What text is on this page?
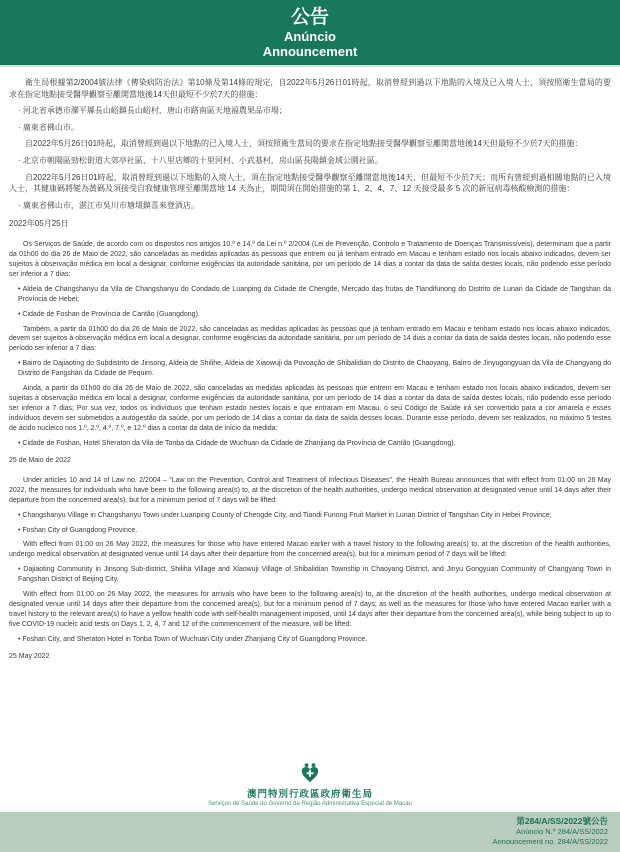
公告
Anúncio
Announcement

衛生局根據第2/2004號法律《傳染病防治法》第10條及第14條的規定，自2022年5月26日01時起，取消曾經到過以下地點的入境及已入境人士，須按照衛生當局的要求在指定地點接受醫學觀察至離開當地後14天但最短不少於7天的措施：

· 河北省承德市灤平縣長山峪鎮長山峪村，唐山市路南區天地福農果品市場；

· 廣東省佛山市。

自2022年5月26日01時起，取消曾經到過以下地點的已入境人士，須按照衛生當局的要求在指定地點接受醫學觀察至離開當地後14天但最短不少於7天的措施：

· 北京市朝陽區勁松街道大郊亭社區、十八里店鄉的十里河村、小武基村，房山區長陽鎮金域公園社區。

自2022年5月26日01時起，取消曾經到過以下地點的入境人士，須在指定地點接受醫學觀察至離開當地後14天，但最短不少於7天；而所有曾經到過相關地點的已入境人士，其健康碼將變為黃碼及須接受自我健康管理至離開當地 14 天為止，期間須在開始措施的第 1、2、4、7、12 天接受最多 5 次的新冠病毒核酸檢測的措施：

· 廣東省佛山市，湛江市吳川市塘㙍鎮喜來登酒店。

2022年05月25日

Os Serviços de Saúde, de acordo com os dispostos nos artigos 10.º e 14.º da Lei n.º 2/2004 (Lei de Prevenção, Controlo e Tratamento de Doenças Transmissíveis), determinam que a partir da 01h00 do dia 26 de Maio de 2022, são canceladas as medidas aplicadas às pessoas que entrem ou já tenham entrado em Macau e tenham estado nos locais abaixo indicados, devem ser sujeitos à observação médica em local a designar, conforme exigências da autoridade sanitária, por um período de 14 dias a contar da data de saída destes locais, não podendo esse período ser inferior a 7 dias:

• Aldeia de Changshanyu da Vila de Changshanyu do Condado de Luanping da Cidade de Chengde, Mercado das frutas de Tiandifunong do Distrito de Lunan da Cidade de Tangshan da Província de Hebei;

• Cidade de Foshan de Província de Cantão (Guangdong).

Também, a partir da 01h00 do dia 26 de Maio de 2022, são canceladas as medidas aplicadas às pessoas que já tenham entrado em Macau e tenham estado nos locais abaixo indicados, devem ser sujeitos à observação médica em local a designar, conforme exigências da autoridade sanitária, por um período de 14 dias a contar da data de saída destes locais, não podendo esse período ser inferior a 7 dias:

• Bairro de Dajiaoting do Subdistrito de Jinsong, Aldeia de Shilihe, Aldeia de Xiaowuji da Povoação de Shibalidian do Distrito de Chaoyang, Bairro de Jinyugongyuan da Vila de Changyang do Distrito de Fangshan da Cidade de Pequim.

Ainda, a partir da 01h00 do dia 26 de Maio de 2022, são canceladas as medidas aplicadas às pessoas que entrem em Macau e tenham estado nos locais abaixo indicados, devem ser sujeitas à observação médica em local a designar, conforme exigências da autoridade sanitária, por um período de 14 dias a contar da data de saída destes locais, não podendo esse período ser inferior a 7 dias; Por sua vez, todos os indivíduos que tenham estado nestes locais e que entraram em Macau, o seu Código de Saúde irá ser convertido para a cor amarela e esses indivíduos devem ser submetidos a autogestão da saúde, por um período de 14 dias a contar da data de saída desses locais. Durante esse período, devem ser realizados, no máximo 5 testes de ácido nucleico nos 1.º, 2.º, 4.º, 7.º, e 12.º dias a contar da data de início da medida:

• Cidade de Foshan, Hotel Sheraton da Vila de Tonba da Cidade de Wuchuan da Cidade de Zhanjiang da Província de Cantão (Guangdong).

25 de Maio de 2022

Under articles 10 and 14 of Law no. 2/2004 – “Law on the Prevention, Control and Treatment of Infectious Diseases”, the Health Bureau announces that with effect from 01:00 on 26 May 2022, the measures for individuals who have been to the following area(s) to, at the discretion of the health authorities, undergo medical observation at designated venue until 14 days after their departure from the concerned area(s), but for a minimum period of 7 days will be lifted:

• Changshanyu Village in Changshanyu Town under Luanping County of Chengde City, and Tiandi Funong Fruit Market in Lunan District of Tangshan City in Hebei Province;

• Foshan City of Guangdong Province.

With effect from 01:00 on 26 May 2022, the measures for those who have entered Macao earlier with a travel history to the following area(s) to, at the discretion of the health authorities, undergo medical observation at designated venue until 14 days after their departure from the concerned area(s), but for a minimum period of 7 days will be lifted:

• Dajiaoting Community in Jinsong Sub-district, Shiliha Village and Xiaowuji Village of Shibalidian Township in Chaoyang District, and Jinyu Gongyuan Community of Changyang Town in Fangshan District of Beijing City.

With effect from 01:00 on 26 May 2022, the measures for arrivals who have been to the following area(s) to, at the discretion of the health authorities, undergo medical observation at designated venue until 14 days after their departure from the concerned area(s), but for a minimum period of 7 days; as well as the measures for those who have entered Macao earlier with a travel history to the relevant area(s) to have a yellow health code with self-health management imposed, until 14 days after their departure from the concerned area(s), while being subject to up to five COVID-19 nucleic acid tests on Days 1, 2, 4, 7 and 12 of the commencement of the measure, will be lifted:

• Foshan City, and Sheraton Hotel in Tonba Town of Wuchuan City under Zhanjiang City of Guangdong Province.

25 May 2022

澳門特別行政區政府衛生局
Serviços de Saúde do Governo da Região Administrativa Especial de Macau
第284/A/SS/2022號公告
Anúncio N.º 284/A/SS/2022
Announcement no. 284/A/SS/2022
